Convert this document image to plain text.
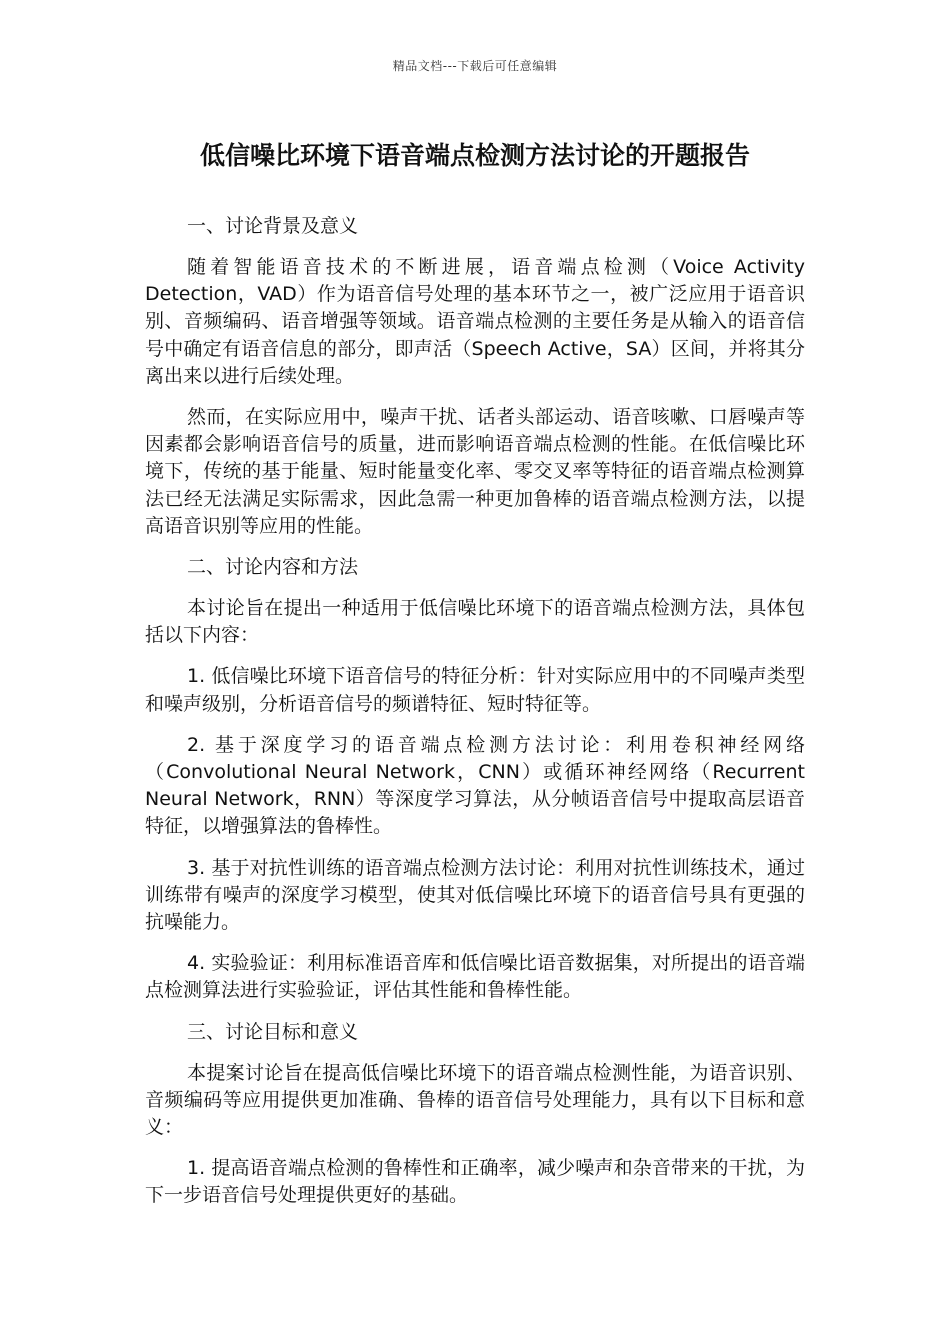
精品文档---下载后可任意编辑
低信噪比环境下语音端点检测方法讨论的开题报告

一、讨论背景及意义

随着智能语音技术的不断进展，语音端点检测（Voice Activity Detection，VAD）作为语音信号处理的基本环节之一，被广泛应用于语音识别、音频编码、语音增强等领域。语音端点检测的主要任务是从输入的语音信号中确定有语音信息的部分，即声活（Speech Active，SA）区间，并将其分离出来以进行后续处理。

然而，在实际应用中，噪声干扰、话者头部运动、语音咳嗽、口唇噪声等因素都会影响语音信号的质量，进而影响语音端点检测的性能。在低信噪比环境下，传统的基于能量、短时能量变化率、零交叉率等特征的语音端点检测算法已经无法满足实际需求，因此急需一种更加鲁棒的语音端点检测方法，以提高语音识别等应用的性能。

二、讨论内容和方法

本讨论旨在提出一种适用于低信噪比环境下的语音端点检测方法，具体包括以下内容：

1. 低信噪比环境下语音信号的特征分析：针对实际应用中的不同噪声类型和噪声级别，分析语音信号的频谱特征、短时特征等。

2. 基于深度学习的语音端点检测方法讨论：利用卷积神经网络（Convolutional Neural Network，CNN）或循环神经网络（Recurrent Neural Network，RNN）等深度学习算法，从分帧语音信号中提取高层语音特征，以增强算法的鲁棒性。

3. 基于对抗性训练的语音端点检测方法讨论：利用对抗性训练技术，通过训练带有噪声的深度学习模型，使其对低信噪比环境下的语音信号具有更强的抗噪能力。

4. 实验验证：利用标准语音库和低信噪比语音数据集，对所提出的语音端点检测算法进行实验验证，评估其性能和鲁棒性能。

三、讨论目标和意义

本提案讨论旨在提高低信噪比环境下的语音端点检测性能，为语音识别、音频编码等应用提供更加准确、鲁棒的语音信号处理能力，具有以下目标和意义：

1. 提高语音端点检测的鲁棒性和正确率，减少噪声和杂音带来的干扰，为下一步语音信号处理提供更好的基础。
